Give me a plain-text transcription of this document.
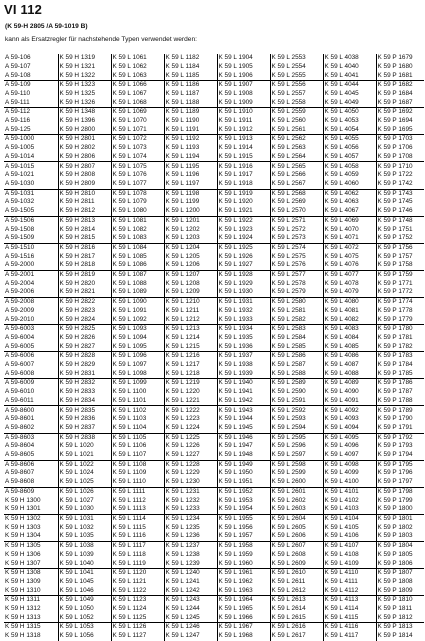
VI 112
(K 59-H 2805 /A 59-1019 B)
kann als Ersatzregler für nachstehende Typen verwendet werden:
A 59-106	K 59 H 1319	K 59 L 1061	K 59 L 1182	K 59 L 1904	K 59 L 2553	K 59 L 4038	K 59 P 1679
A 59-107	K 59 H 1321	K 59 L 1062	K 59 L 1184	K 59 L 1905	K 59 L 2554	K 59 L 4040	K 59 P 1680
A 59-108	K 59 H 1322	K 59 L 1063	K 59 L 1185	K 59 L 1906	K 59 L 2555	K 59 L 4041	K 59 P 1681
A 59-109	K 59 H 1323	K 59 L 1066	K 59 L 1186	K 59 L 1907	K 59 L 2556	K 59 L 4044	K 59 P 1682
A 59-110	K 59 H 1325	K 59 L 1067	K 59 L 1187	K 59 L 1908	K 59 L 2557	K 59 L 4045	K 59 P 1684
A 59-111	K 59 H 1326	K 59 L 1068	K 59 L 1188	K 59 L 1909	K 59 L 2558	K 59 L 4049	K 59 P 1687
A 59-112	K 59 H 1348	K 59 L 1069	K 59 L 1189	K 59 L 1910	K 59 L 2559	K 59 L 4050	K 59 P 1692
A 59-116	K 59 H 1396	K 59 L 1070	K 59 L 1190	K 59 L 1911	K 59 L 2560	K 59 L 4053	K 59 P 1694
A 59-125	K 59 H 2800	K 59 L 1071	K 59 L 1191	K 59 L 1912	K 59 L 2561	K 59 L 4054	K 59 P 1695
A 59-1000	K 59 H 2801	K 59 L 1072	K 59 L 1192	K 59 L 1913	K 59 L 2562	K 59 L 4055	K 59 P 1703
A 59-1005	K 59 H 2802	K 59 L 1073	K 59 L 1193	K 59 L 1914	K 59 L 2563	K 59 L 4056	K 59 P 1706
A 59-1014	K 59 H 2806	K 59 L 1074	K 59 L 1194	K 59 L 1915	K 59 L 2564	K 59 L 4057	K 59 P 1708
A 59-1015	K 59 H 2807	K 59 L 1075	K 59 L 1195	K 59 L 1916	K 59 L 2565	K 59 L 4058	K 59 P 1710
A 59-1021	K 59 H 2808	K 59 L 1076	K 59 L 1196	K 59 L 1917	K 59 L 2566	K 59 L 4059	K 59 P 1722
A 59-1030	K 59 H 2809	K 59 L 1077	K 59 L 1197	K 59 L 1918	K 59 L 2567	K 59 L 4060	K 59 P 1742
A 59-1031	K 59 H 2810	K 59 L 1078	K 59 L 1198	K 59 L 1919	K 59 L 2568	K 59 L 4062	K 59 P 1743
A 59-1032	K 59 H 2811	K 59 L 1079	K 59 L 1199	K 59 L 1920	K 59 L 2569	K 59 L 4063	K 59 P 1745
A 59-1505	K 59 H 2812	K 59 L 1080	K 59 L 1200	K 59 L 1921	K 59 L 2570	K 59 L 4067	K 59 P 1746
A 59-1506	K 59 H 2813	K 59 L 1081	K 59 L 1201	K 59 L 1922	K 59 L 2571	K 59 L 4069	K 59 P 1748
A 59-1508	K 59 H 2814	K 59 L 1082	K 59 L 1202	K 59 L 1923	K 59 L 2572	K 59 L 4070	K 59 P 1751
A 59-1509	K 59 H 2815	K 59 L 1083	K 59 L 1203	K 59 L 1924	K 59 L 2573	K 59 L 4071	K 59 P 1752
A 59-1510	K 59 H 2816	K 59 L 1084	K 59 L 1204	K 59 L 1925	K 59 L 2574	K 59 L 4072	K 59 P 1756
A 59-1516	K 59 H 2817	K 59 L 1085	K 59 L 1205	K 59 L 1926	K 59 L 2575	K 59 L 4075	K 59 P 1757
A 59-2000	K 59 H 2818	K 59 L 1086	K 59 L 1206	K 59 L 1927	K 59 L 2576	K 59 L 4076	K 59 P 1758
A 59-2001	K 59 H 2819	K 59 L 1087	K 59 L 1207	K 59 L 1928	K 59 L 2577	K 59 L 4077	K 59 P 1759
A 59-2004	K 59 H 2820	K 59 L 1088	K 59 L 1208	K 59 L 1929	K 59 L 2578	K 59 L 4078	K 59 P 1771
A 59-2006	K 59 H 2821	K 59 L 1089	K 59 L 1209	K 59 L 1930	K 59 L 2579	K 59 L 4079	K 59 P 1772
A 59-2008	K 59 H 2822	K 59 L 1090	K 59 L 1210	K 59 L 1931	K 59 L 2580	K 59 L 4080	K 59 P 1774
A 59-2009	K 59 H 2823	K 59 L 1091	K 59 L 1211	K 59 L 1932	K 59 L 2581	K 59 L 4081	K 59 P 1778
A 59-2010	K 59 H 2824	K 59 L 1092	K 59 L 1212	K 59 L 1933	K 59 L 2582	K 59 L 4082	K 59 P 1779
A 59-6003	K 59 H 2825	K 59 L 1093	K 59 L 1213	K 59 L 1934	K 59 L 2583	K 59 L 4083	K 59 P 1780
A 59-6004	K 59 H 2826	K 59 L 1094	K 59 L 1214	K 59 L 1935	K 59 L 2584	K 59 L 4084	K 59 P 1781
A 59-6005	K 59 H 2827	K 59 L 1095	K 59 L 1215	K 59 L 1936	K 59 L 2585	K 59 L 4085	K 59 P 1782
A 59-6006	K 59 H 2828	K 59 L 1096	K 59 L 1216	K 59 L 1937	K 59 L 2586	K 59 L 4086	K 59 P 1783
A 59-6007	K 59 H 2829	K 59 L 1097	K 59 L 1217	K 59 L 1938	K 59 L 2587	K 59 L 4087	K 59 P 1784
A 59-6008	K 59 H 2831	K 59 L 1098	K 59 L 1218	K 59 L 1939	K 59 L 2588	K 59 L 4088	K 59 P 1785
A 59-6009	K 59 H 2832	K 59 L 1099	K 59 L 1219	K 59 L 1940	K 59 L 2589	K 59 L 4089	K 59 P 1786
A 59-6010	K 59 H 2833	K 59 L 1100	K 59 L 1220	K 59 L 1941	K 59 L 2590	K 59 L 4090	K 59 P 1787
A 59-6011	K 59 H 2834	K 59 L 1101	K 59 L 1221	K 59 L 1942	K 59 L 2591	K 59 L 4091	K 59 P 1788
A 59-8600	K 59 H 2835	K 59 L 1102	K 59 L 1222	K 59 L 1943	K 59 L 2592	K 59 L 4092	K 59 P 1789
A 59-8601	K 59 H 2836	K 59 L 1103	K 59 L 1223	K 59 L 1944	K 59 L 2593	K 59 L 4093	K 59 P 1790
A 59-8602	K 59 H 2837	K 59 L 1104	K 59 L 1224	K 59 L 1945	K 59 L 2594	K 59 L 4094	K 59 P 1791
A 59-8603	K 59 H 2838	K 59 L 1105	K 59 L 1225	K 59 L 1946	K 59 L 2595	K 59 L 4095	K 59 P 1792
A 59-8604	K 59 L 1020	K 59 L 1106	K 59 L 1226	K 59 L 1947	K 59 L 2596	K 59 L 4096	K 59 P 1793
A 59-8605	K 59 L 1021	K 59 L 1107	K 59 L 1227	K 59 L 1948	K 59 L 2597	K 59 L 4097	K 59 P 1794
A 59-8606	K 59 L 1022	K 59 L 1108	K 59 L 1228	K 59 L 1949	K 59 L 2598	K 59 L 4098	K 59 P 1795
A 59-8607	K 59 L 1024	K 59 L 1109	K 59 L 1229	K 59 L 1950	K 59 L 2599	K 59 L 4099	K 59 P 1796
A 59-8608	K 59 L 1025	K 59 L 1110	K 59 L 1230	K 59 L 1951	K 59 L 2600	K 59 L 4100	K 59 P 1797
A 59-8609	K 59 L 1026	K 59 L 1111	K 59 L 1231	K 59 L 1952	K 59 L 2601	K 59 L 4101	K 59 P 1798
K 59 H 1300	K 59 L 1027	K 59 L 1112	K 59 L 1232	K 59 L 1953	K 59 L 2602	K 59 L 4102	K 59 P 1799
K 59 H 1301	K 59 L 1030	K 59 L 1113	K 59 L 1233	K 59 L 1954	K 59 L 2603	K 59 L 4103	K 59 P 1800
K 59 H 1302	K 59 L 1031	K 59 L 1114	K 59 L 1234	K 59 L 1955	K 59 L 2604	K 59 L 4104	K 59 P 1801
K 59 H 1303	K 59 L 1032	K 59 L 1115	K 59 L 1235	K 59 L 1956	K 59 L 2605	K 59 L 4105	K 59 P 1802
K 59 H 1304	K 59 L 1035	K 59 L 1116	K 59 L 1236	K 59 L 1957	K 59 L 2606	K 59 L 4106	K 59 P 1803
K 59 H 1305	K 59 L 1038	K 59 L 1117	K 59 L 1237	K 59 L 1958	K 59 L 2607	K 59 L 4107	K 59 P 1804
K 59 H 1306	K 59 L 1039	K 59 L 1118	K 59 L 1238	K 59 L 1959	K 59 L 2608	K 59 L 4108	K 59 P 1805
K 59 H 1307	K 59 L 1040	K 59 L 1119	K 59 L 1239	K 59 L 1960	K 59 L 2609	K 59 L 4109	K 59 P 1806
K 59 H 1308	K 59 L 1041	K 59 L 1120	K 59 L 1240	K 59 L 1961	K 59 L 2610	K 59 L 4110	K 59 P 1807
K 59 H 1309	K 59 L 1045	K 59 L 1121	K 59 L 1241	K 59 L 1962	K 59 L 2611	K 59 L 4111	K 59 P 1808
K 59 H 1310	K 59 L 1046	K 59 L 1122	K 59 L 1242	K 59 L 1963	K 59 L 2612	K 59 L 4112	K 59 P 1809
K 59 H 1311	K 59 L 1049	K 59 L 1123	K 59 L 1243	K 59 L 1964	K 59 L 2613	K 59 L 4113	K 59 P 1810
K 59 H 1312	K 59 L 1050	K 59 L 1124	K 59 L 1244	K 59 L 1965	K 59 L 2614	K 59 L 4114	K 59 P 1811
K 59 H 1313	K 59 L 1052	K 59 L 1125	K 59 L 1245	K 59 L 1966	K 59 L 2615	K 59 L 4115	K 59 P 1812
K 59 H 1315	K 59 L 1053	K 59 L 1126	K 59 L 1246	K 59 L 1967	K 59 L 2616	K 59 L 4116	K 59 P 1813
K 59 H 1318	K 59 L 1056	K 59 L 1127	K 59 L 1247	K 59 L 1968	K 59 L 2617	K 59 L 4117	K 59 P 1814
